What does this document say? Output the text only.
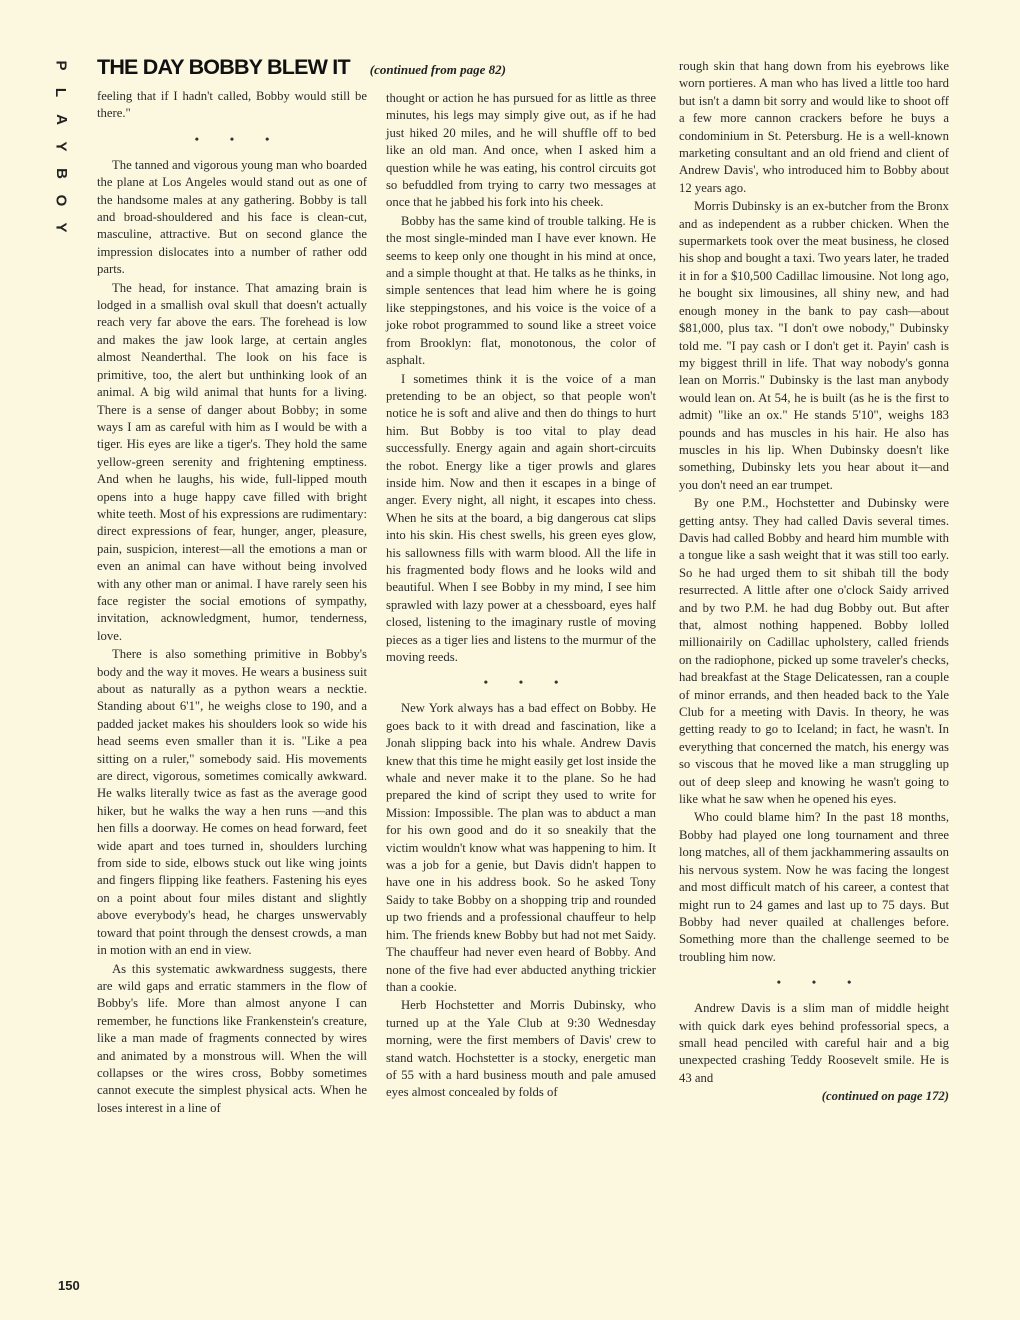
P
L
A
Y
B
O
Y
THE DAY BOBBY BLEW IT (continued from page 82)

feeling that if I hadn't called, Bobby would still be there."

• • •

The tanned and vigorous young man who boarded the plane at Los Angeles would stand out as one of the handsome males at any gathering. Bobby is tall and broad-shouldered and his face is clean-cut, masculine, attractive. But on second glance the impression dislocates into a number of rather odd parts.

The head, for instance. That amazing brain is lodged in a smallish oval skull that doesn't actually reach very far above the ears. The forehead is low and makes the jaw look large, at certain angles almost Neanderthal. The look on his face is primitive, too, the alert but unthinking look of an animal. A big wild animal that hunts for a living. There is a sense of danger about Bobby; in some ways I am as careful with him as I would be with a tiger. His eyes are like a tiger's. They hold the same yellow-green serenity and frightening emptiness. And when he laughs, his wide, full-lipped mouth opens into a huge happy cave filled with bright white teeth. Most of his expressions are rudimentary: direct expressions of fear, hunger, anger, pleasure, pain, suspicion, interest—all the emotions a man or even an animal can have without being involved with any other man or animal. I have rarely seen his face register the social emotions of sympathy, invitation, acknowledgment, humor, tenderness, love.

There is also something primitive in Bobby's body and the way it moves. He wears a business suit about as naturally as a python wears a necktie. Standing about 6'1", he weighs close to 190, and a padded jacket makes his shoulders look so wide his head seems even smaller than it is. "Like a pea sitting on a ruler," somebody said. His movements are direct, vigorous, sometimes comically awkward. He walks literally twice as fast as the average good hiker, but he walks the way a hen runs —and this hen fills a doorway. He comes on head forward, feet wide apart and toes turned in, shoulders lurching from side to side, elbows stuck out like wing joints and fingers flipping like feathers. Fastening his eyes on a point about four miles distant and slightly above everybody's head, he charges unswervably toward that point through the densest crowds, a man in motion with an end in view.

As this systematic awkwardness suggests, there are wild gaps and erratic stammers in the flow of Bobby's life. More than almost anyone I can remember, he functions like Frankenstein's creature, like a man made of fragments connected by wires and animated by a monstrous will. When the will collapses or the wires cross, Bobby sometimes cannot execute the simplest physical acts. When he loses interest in a line of

thought or action he has pursued for as little as three minutes, his legs may simply give out, as if he had just hiked 20 miles, and he will shuffle off to bed like an old man. And once, when I asked him a question while he was eating, his control circuits got so befuddled from trying to carry two messages at once that he jabbed his fork into his cheek.

Bobby has the same kind of trouble talking. He is the most single-minded man I have ever known. He seems to keep only one thought in his mind at once, and a simple thought at that. He talks as he thinks, in simple sentences that lead him where he is going like steppingstones, and his voice is the voice of a joke robot programmed to sound like a street voice from Brooklyn: flat, monotonous, the color of asphalt.

I sometimes think it is the voice of a man pretending to be an object, so that people won't notice he is soft and alive and then do things to hurt him. But Bobby is too vital to play dead successfully. Energy again and again short-circuits the robot. Energy like a tiger prowls and glares inside him. Now and then it escapes in a binge of anger. Every night, all night, it escapes into chess. When he sits at the board, a big dangerous cat slips into his skin. His chest swells, his green eyes glow, his sallowness fills with warm blood. All the life in his fragmented body flows and he looks wild and beautiful. When I see Bobby in my mind, I see him sprawled with lazy power at a chessboard, eyes half closed, listening to the imaginary rustle of moving pieces as a tiger lies and listens to the murmur of the moving reeds.

• • •

New York always has a bad effect on Bobby. He goes back to it with dread and fascination, like a Jonah slipping back into his whale. Andrew Davis knew that this time he might easily get lost inside the whale and never make it to the plane. So he had prepared the kind of script they used to write for Mission: Impossible. The plan was to abduct a man for his own good and do it so sneakily that the victim wouldn't know what was happening to him. It was a job for a genie, but Davis didn't happen to have one in his address book. So he asked Tony Saidy to take Bobby on a shopping trip and rounded up two friends and a professional chauffeur to help him. The friends knew Bobby but had not met Saidy. The chauffeur had never even heard of Bobby. And none of the five had ever abducted anything trickier than a cookie.

Herb Hochstetter and Morris Dubinsky, who turned up at the Yale Club at 9:30 Wednesday morning, were the first members of Davis' crew to stand watch. Hochstetter is a stocky, energetic man of 55 with a hard business mouth and pale amused eyes almost concealed by folds of

rough skin that hang down from his eyebrows like worn portieres. A man who has lived a little too hard but isn't a damn bit sorry and would like to shoot off a few more cannon crackers before he buys a condominium in St. Petersburg. He is a well-known marketing consultant and an old friend and client of Andrew Davis', who introduced him to Bobby about 12 years ago.

Morris Dubinsky is an ex-butcher from the Bronx and as independent as a rubber chicken. When the supermarkets took over the meat business, he closed his shop and bought a taxi. Two years later, he traded it in for a $10,500 Cadillac limousine. Not long ago, he bought six limousines, all shiny new, and had enough money in the bank to pay cash—about $81,000, plus tax. "I don't owe nobody," Dubinsky told me. "I pay cash or I don't get it. Payin' cash is my biggest thrill in life. That way nobody's gonna lean on Morris." Dubinsky is the last man anybody would lean on. At 54, he is built (as he is the first to admit) "like an ox." He stands 5'10", weighs 183 pounds and has muscles in his hair. He also has muscles in his lip. When Dubinsky doesn't like something, Dubinsky lets you hear about it—and you don't need an ear trumpet.

By one P.M., Hochstetter and Dubinsky were getting antsy. They had called Davis several times. Davis had called Bobby and heard him mumble with a tongue like a sash weight that it was still too early. So he had urged them to sit shibah till the body resurrected. A little after one o'clock Saidy arrived and by two P.M. he had dug Bobby out. But after that, almost nothing happened. Bobby lolled millionairily on Cadillac upholstery, called friends on the radiophone, picked up some traveler's checks, had breakfast at the Stage Delicatessen, ran a couple of minor errands, and then headed back to the Yale Club for a meeting with Davis. In theory, he was getting ready to go to Iceland; in fact, he wasn't. In everything that concerned the match, his energy was so viscous that he moved like a man struggling up out of deep sleep and knowing he wasn't going to like what he saw when he opened his eyes.

Who could blame him? In the past 18 months, Bobby had played one long tournament and three long matches, all of them jackhammering assaults on his nervous system. Now he was facing the longest and most difficult match of his career, a contest that might run to 24 games and last up to 75 days. But Bobby had never quailed at challenges before. Something more than the challenge seemed to be troubling him now.

• • •

Andrew Davis is a slim man of middle height with quick dark eyes behind professorial specs, a small head penciled with careful hair and a big unexpected crashing Teddy Roosevelt smile. He is 43 and

(continued on page 172)

150
